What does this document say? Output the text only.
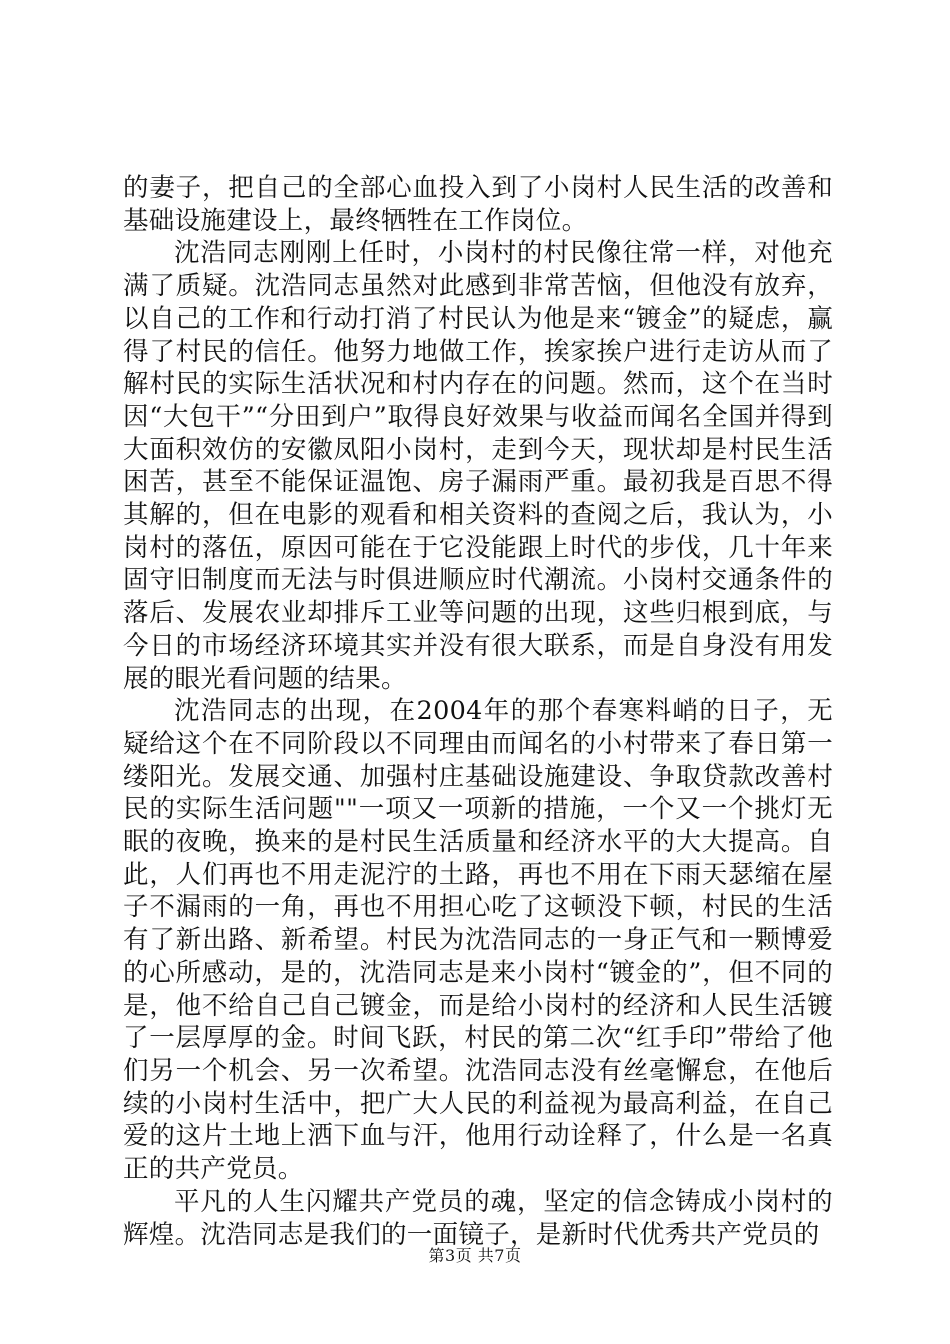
的妻子，把自己的全部心血投入到了小岗村人民生活的改善和基础设施建设上，最终牺牲在工作岗位。

沈浩同志刚刚上任时，小岗村的村民像往常一样，对他充满了质疑。沈浩同志虽然对此感到非常苦恼，但他没有放弃，以自己的工作和行动打消了村民认为他是来“镀金”的疑虑，赢得了村民的信任。他努力地做工作，挨家挨户进行走访从而了解村民的实际生活状况和村内存在的问题。然而，这个在当时因“大包干”“分田到户”取得良好效果与收益而闻名全国并得到大面积效仿的安徽凤阳小岗村，走到今天，现状却是村民生活困苦，甚至不能保证温饱、房子漏雨严重。最初我是百思不得其解的，但在电影的观看和相关资料的查阅之后，我认为，小岗村的落伍，原因可能在于它没能跟上时代的步伐，几十年来固守旧制度而无法与时俱进顺应时代潮流。小岗村交通条件的落后、发展农业却排斥工业等问题的出现，这些归根到底，与今日的市场经济环境其实并没有很大联系，而是自身没有用发展的眼光看问题的结果。

沈浩同志的出现，在2004年的那个春寒料峭的日子，无疑给这个在不同阶段以不同理由而闻名的小村带来了春日第一缕阳光。发展交通、加强村庄基础设施建设、争取贷款改善村民的实际生活问题""一项又一项新的措施，一个又一个挑灯无眠的夜晚，换来的是村民生活质量和经济水平的大大提高。自此，人们再也不用走泥泞的土路，再也不用在下雨天瑟缩在屋子不漏雨的一角，再也不用担心吃了这顿没下顿，村民的生活有了新出路、新希望。村民为沈浩同志的一身正气和一颗博爱的心所感动，是的，沈浩同志是来小岗村“镀金的”，但不同的是，他不给自己自己镀金，而是给小岗村的经济和人民生活镀了一层厚厚的金。时间飞跃，村民的第二次“红手印”带给了他们另一个机会、另一次希望。沈浩同志没有丝毫懈怠，在他后续的小岗村生活中，把广大人民的利益视为最高利益，在自己爱的这片土地上洒下血与汗，他用行动诠释了，什么是一名真正的共产党员。

平凡的人生闪耀共产党员的魂，坚定的信念铸成小岗村的辉煌。沈浩同志是我们的一面镜子，是新时代优秀共产党员的

第3页 共7页
